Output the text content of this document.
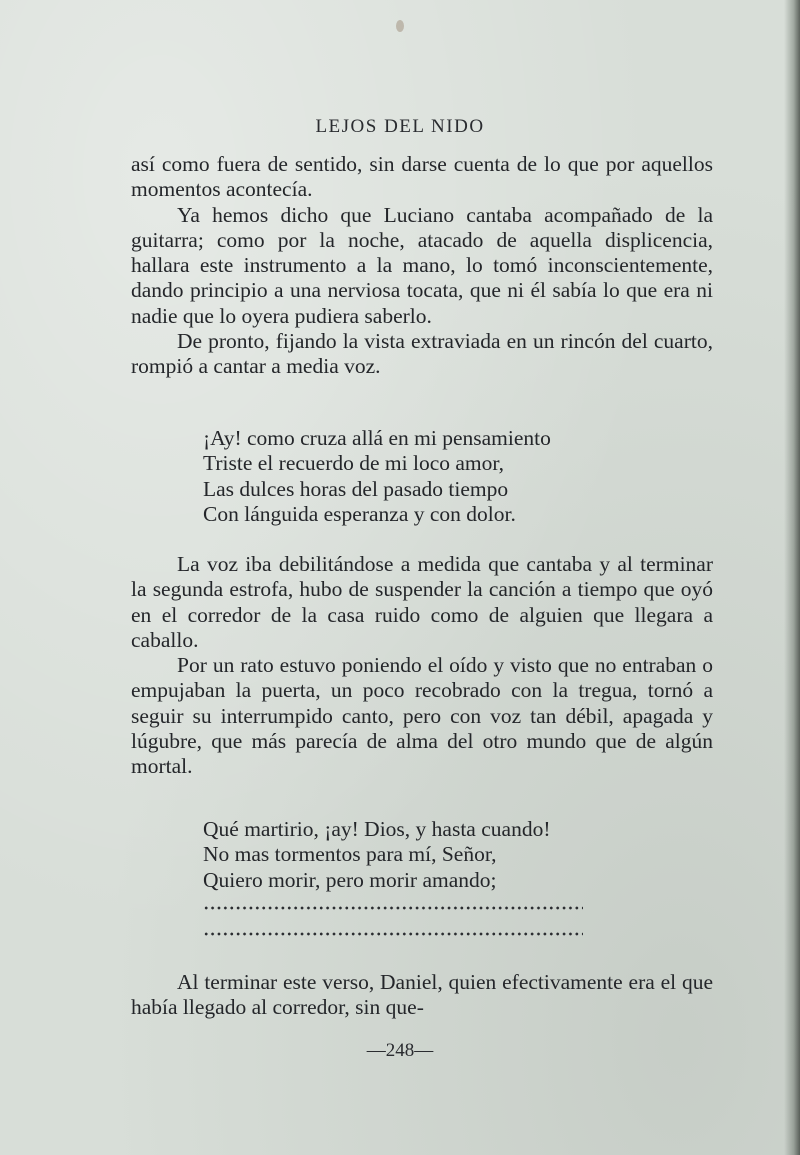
LEJOS DEL NIDO

así como fuera de sentido, sin darse cuenta de lo que por aquellos momentos acontecía.

Ya hemos dicho que Luciano cantaba acompañado de la guitarra; como por la noche, atacado de aquella displicencia, hallara este instrumento a la mano, lo tomó inconscientemente, dando principio a una nerviosa tocata, que ni él sabía lo que era ni nadie que lo oyera pudiera saberlo.

De pronto, fijando la vista extraviada en un rincón del cuarto, rompió a cantar a media voz.

¡Ay! como cruza allá en mi pensamiento
Triste el recuerdo de mi loco amor,
Las dulces horas del pasado tiempo
Con lánguida esperanza y con dolor.

La voz iba debilitándose a medida que cantaba y al terminar la segunda estrofa, hubo de suspender la canción a tiempo que oyó en el corredor de la casa ruido como de alguien que llegara a caballo.

Por un rato estuvo poniendo el oído y visto que no entraban o empujaban la puerta, un poco recobrado con la tregua, tornó a seguir su interrumpido canto, pero con voz tan débil, apagada y lúgubre, que más parecía de alma del otro mundo que de algún mortal.

Qué martirio, ¡ay! Dios, y hasta cuando!
No mas tormentos para mí, Señor,
Quiero morir, pero morir amando;

Al terminar este verso, Daniel, quien efectivamente era el que había llegado al corredor, sin que-

—248—
